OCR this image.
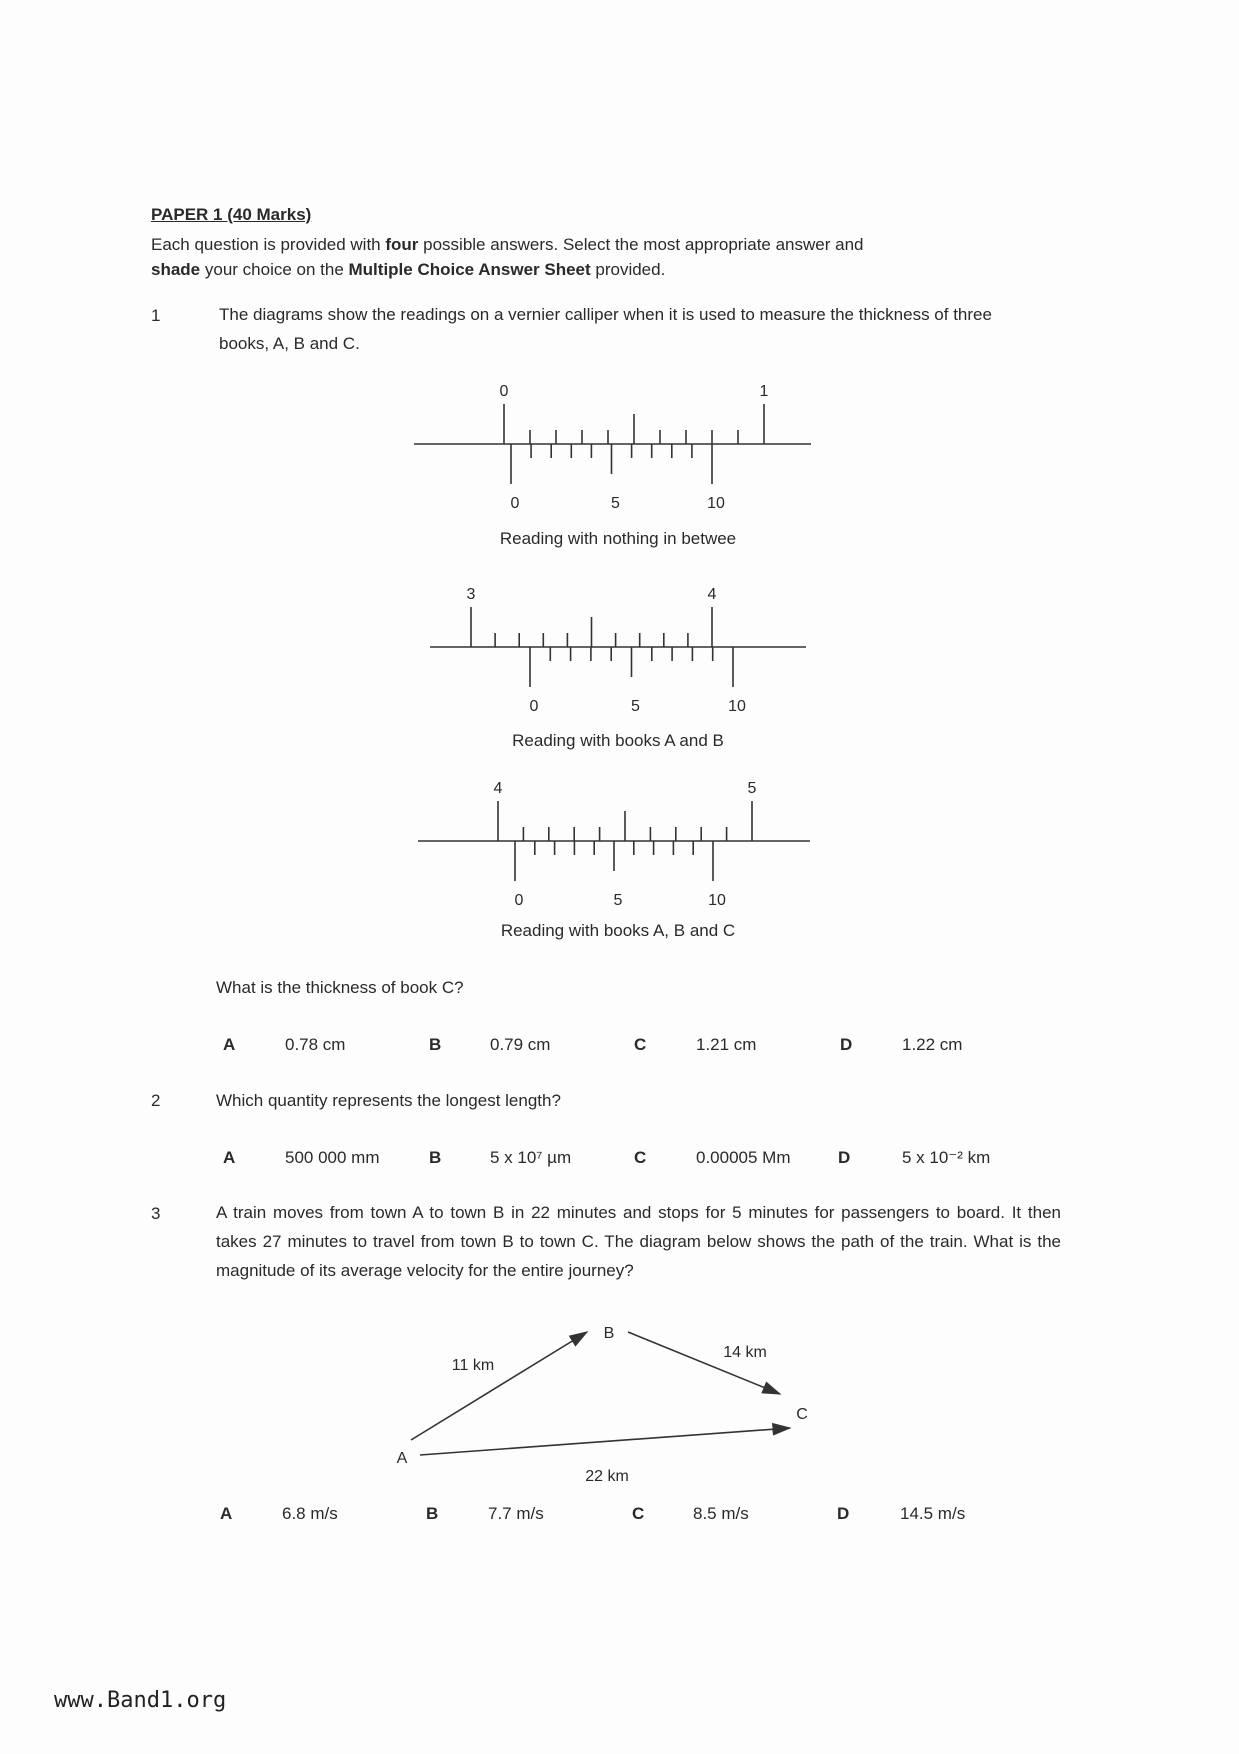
PAPER 1 (40 Marks)
Each question is provided with four possible answers. Select the most appropriate answer and
shade your choice on the Multiple Choice Answer Sheet provided.
1	The diagrams show the readings on a vernier calliper when it is used to measure the thickness of three books, A, B and C.
0	1
0	5	10
3	4
0	5	10
4	5
0	5	10
A
B
C
11 km
14 km
22 km
Reading with nothing in betwee
Reading with books A and B
Reading with books A, B and C
What is the thickness of book C?
A	0.78 cm	B	0.79 cm	C	1.21 cm	D	1.22 cm
2	Which quantity represents the longest length?
A	500 000 mm	B	5 x 10⁷ µm	C	0.00005 Mm	D	5 x 10⁻² km
3	A train moves from town A to town B in 22 minutes and stops for 5 minutes for passengers to board. It then takes 27 minutes to travel from town B to town C. The diagram below shows the path of the train. What is the magnitude of its average velocity for the entire journey?
A	6.8 m/s	B	7.7 m/s	C	8.5 m/s	D	14.5 m/s
www.Band1.org
